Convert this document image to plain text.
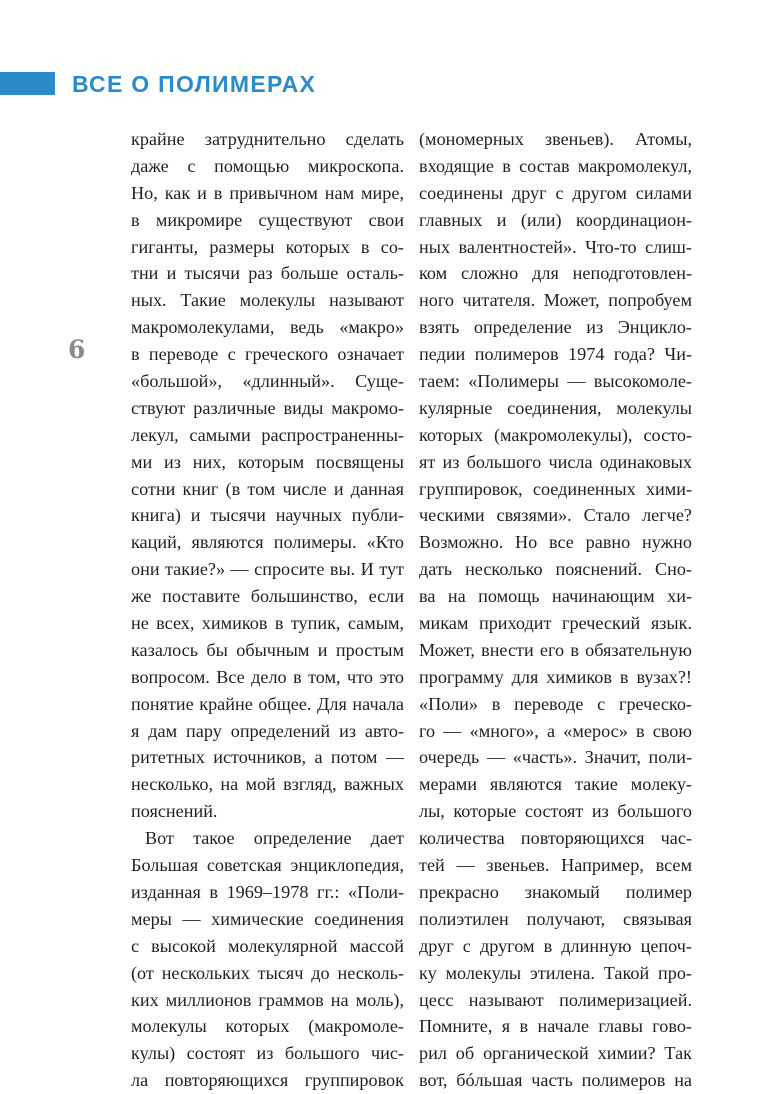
ВСЕ О ПОЛИМЕРАХ
6
крайне затруднительно сделать
даже с помощью микроскопа.
Но, как и в привычном нам мире,
в микромире существуют свои
гиганты, размеры которых в со-
тни и тысячи раз больше осталь-
ных. Такие молекулы называют
макромолекулами, ведь «макро»
в переводе с греческого означает
«большой», «длинный». Суще-
ствуют различные виды макромо-
лекул, самыми распространенны-
ми из них, которым посвящены
сотни книг (в том числе и данная
книга) и тысячи научных публи-
каций, являются полимеры. «Кто
они такие?» — спросите вы. И тут
же поставите большинство, если
не всех, химиков в тупик, самым,
казалось бы обычным и простым
вопросом. Все дело в том, что это
понятие крайне общее. Для начала
я дам пару определений из авто-
ритетных источников, а потом —
несколько, на мой взгляд, важных
пояснений.
Вот такое определение дает
Большая советская энциклопедия,
изданная в 1969–1978 гг.: «Поли-
меры — химические соединения
с высокой молекулярной массой
(от нескольких тысяч до несколь-
ких миллионов граммов на моль),
молекулы которых (макромоле-
кулы) состоят из большого чис-
ла повторяющихся группировок
(мономерных звеньев). Атомы,
входящие в состав макромолекул,
соединены друг с другом силами
главных и (или) координацион-
ных валентностей». Что-то слиш-
ком сложно для неподготовлен-
ного читателя. Может, попробуем
взять определение из Энцикло-
педии полимеров 1974 года? Чи-
таем: «Полимеры — высокомоле-
кулярные соединения, молекулы
которых (макромолекулы), состо-
ят из большого числа одинаковых
группировок, соединенных хими-
ческими связями». Стало легче?
Возможно. Но все равно нужно
дать несколько пояснений. Сно-
ва на помощь начинающим хи-
микам приходит греческий язык.
Может, внести его в обязательную
программу для химиков в вузах?!
«Поли» в переводе с греческо-
го — «много», а «мерос» в свою
очередь — «часть». Значит, поли-
мерами являются такие молеку-
лы, которые состоят из большого
количества повторяющихся час-
тей — звеньев. Например, всем
прекрасно знакомый полимер
полиэтилен получают, связывая
друг с другом в длинную цепоч-
ку молекулы этилена. Такой про-
цесс называют полимеризацией.
Помните, я в начале главы гово-
рил об органической химии? Так
вот, бóльшая часть полимеров на
